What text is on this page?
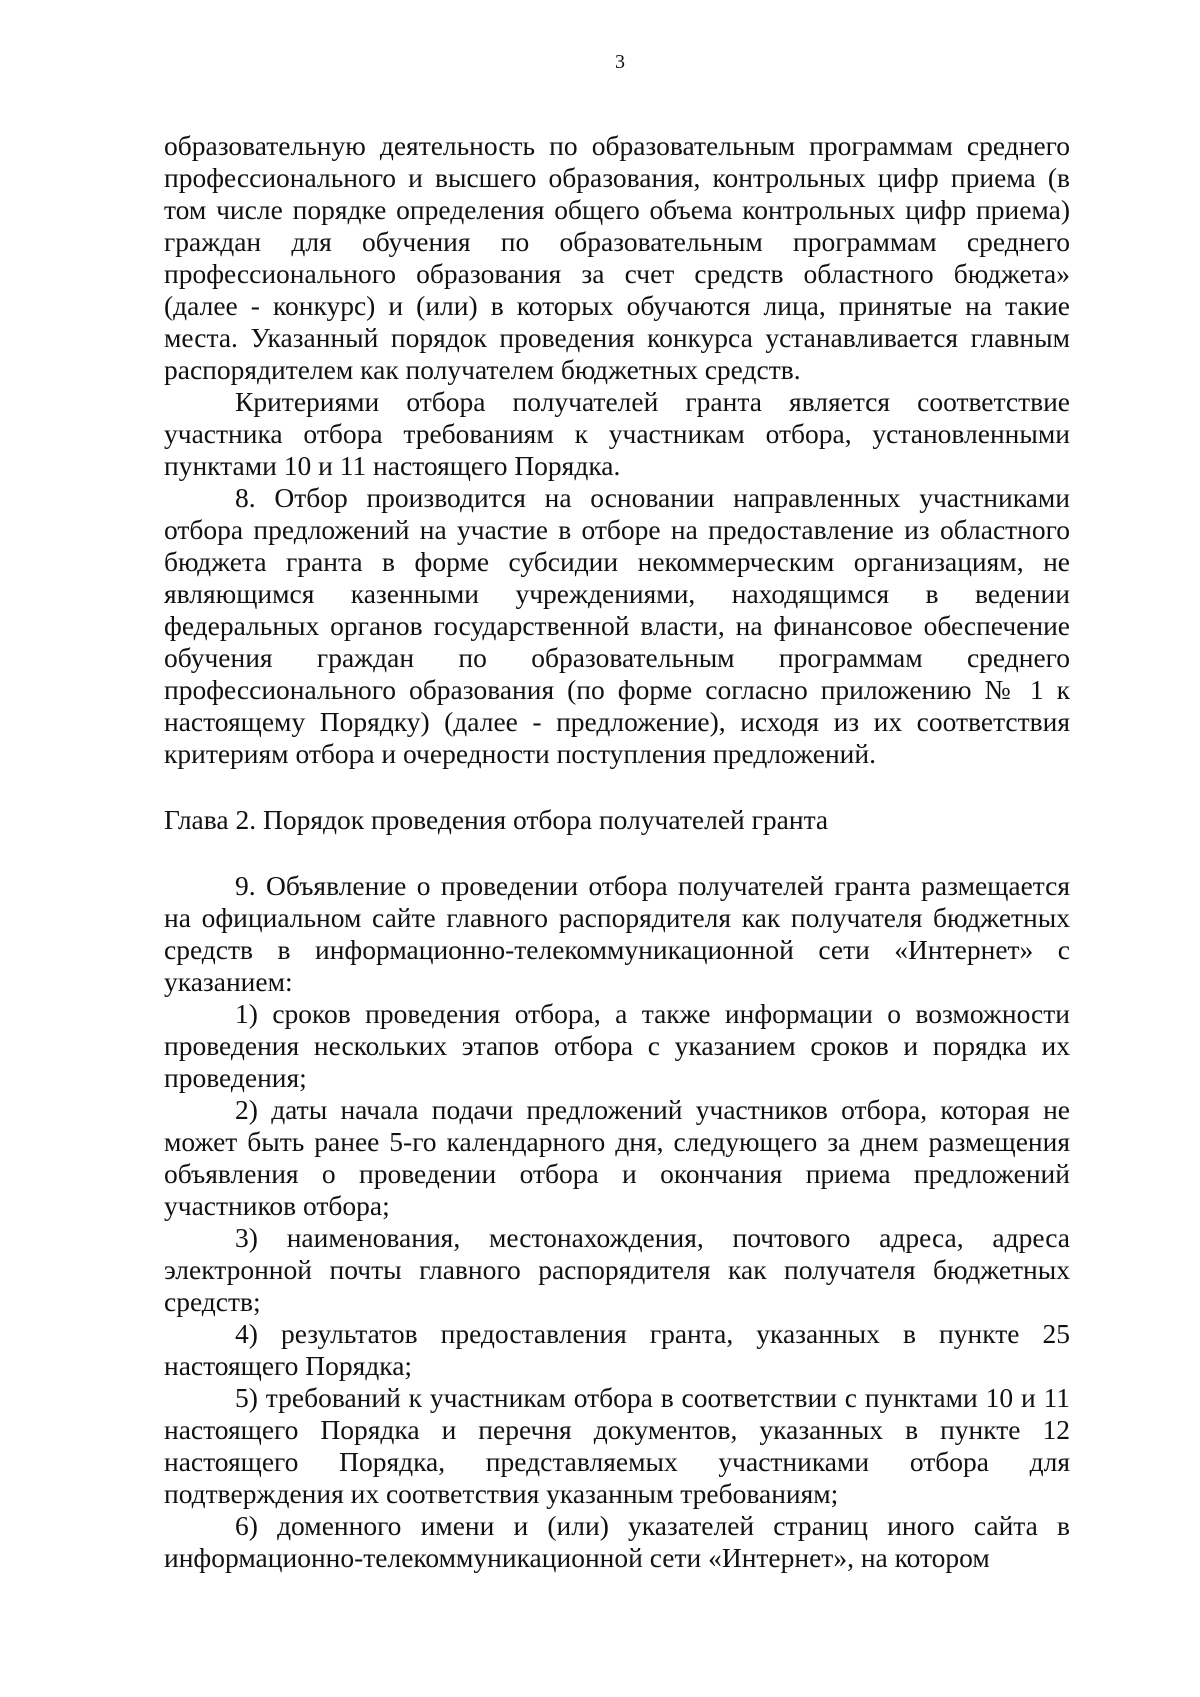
3

образовательную деятельность по образовательным программам среднего профессионального и высшего образования, контрольных цифр приема (в том числе порядке определения общего объема контрольных цифр приема) граждан для обучения по образовательным программам среднего профессионального образования за счет средств областного бюджета» (далее - конкурс) и (или) в которых обучаются лица, принятые на такие места. Указанный порядок проведения конкурса устанавливается главным распорядителем как получателем бюджетных средств.

Критериями отбора получателей гранта является соответствие участника отбора требованиям к участникам отбора, установленными пунктами 10 и 11 настоящего Порядка.

8. Отбор производится на основании направленных участниками отбора предложений на участие в отборе на предоставление из областного бюджета гранта в форме субсидии некоммерческим организациям, не являющимся казенными учреждениями, находящимся в ведении федеральных органов государственной власти, на финансовое обеспечение обучения граждан по образовательным программам среднего профессионального образования (по форме согласно приложению № 1 к настоящему Порядку) (далее - предложение), исходя из их соответствия критериям отбора и очередности поступления предложений.

Глава 2. Порядок проведения отбора получателей гранта

9. Объявление о проведении отбора получателей гранта размещается на официальном сайте главного распорядителя как получателя бюджетных средств в информационно-телекоммуникационной сети «Интернет» с указанием:

1) сроков проведения отбора, а также информации о возможности проведения нескольких этапов отбора с указанием сроков и порядка их проведения;

2) даты начала подачи предложений участников отбора, которая не может быть ранее 5-го календарного дня, следующего за днем размещения объявления о проведении отбора и окончания приема предложений участников отбора;

3) наименования, местонахождения, почтового адреса, адреса электронной почты главного распорядителя как получателя бюджетных средств;

4) результатов предоставления гранта, указанных в пункте 25 настоящего Порядка;

5) требований к участникам отбора в соответствии с пунктами 10 и 11 настоящего Порядка и перечня документов, указанных в пункте 12 настоящего Порядка, представляемых участниками отбора для подтверждения их соответствия указанным требованиям;

6) доменного имени и (или) указателей страниц иного сайта в информационно-телекоммуникационной сети «Интернет», на котором
